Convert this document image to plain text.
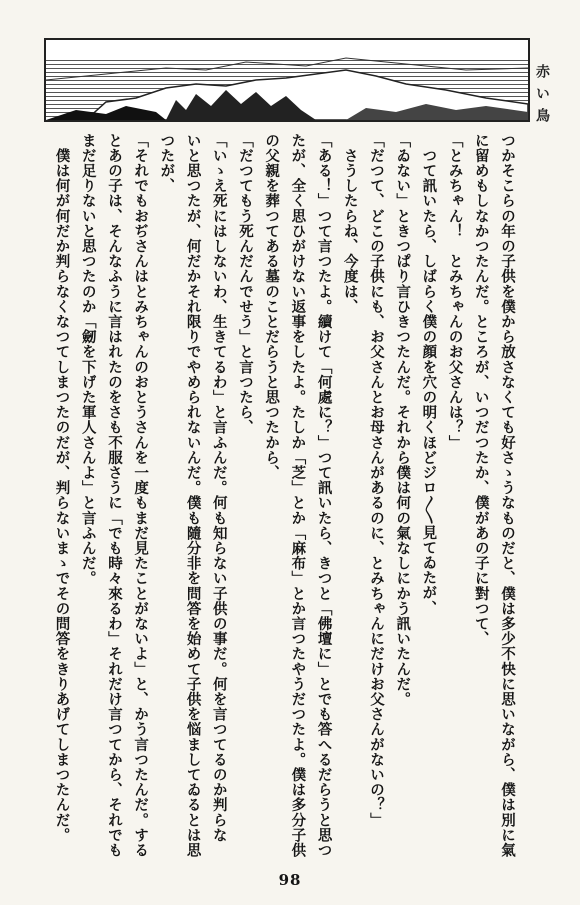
赤い鳥
つかそこらの年の子供を僕から放さなくても好さゝうなものだと、僕は多少不快に思いながら、僕は別に氣
に留めもしなかつたんだ。ところが、いつだつたか、僕があの子に對つて、
「とみちゃん！　とみちゃんのお父さんは？」
　つて訊いたら、しばらく僕の顔を穴の明くほどジロ〳〵見てゐたが、
「ゐない」ときつぱり言ひきつたんだ。それから僕は何の氣なしにかう訊いたんだ。
「だつて、どこの子供にも、お父さんとお母さんがあるのに、とみちゃんにだけお父さんがないの？」
　さうしたらね、今度は、
「ある！」つて言つたよ。續けて「何處に？」つて訊いたら、きつと「佛壇に」とでも答へるだらうと思つ
たが、全く思ひがけない返事をしたよ。たしか「芝」とか「麻布」とか言つたやうだつたよ。僕は多分子供
の父親を葬つてある墓のことだらうと思つたから、
「だつてもう死んだんでせう」と言つたら、
「いゝえ死にはしないわ、生きてるわ」と言ふんだ。何も知らない子供の事だ。何を言つてるのか判らな
いと思つたが、何だかそれ限りでやめられないんだ。僕も隨分非を問答を始めて子供を悩ましてゐるとは思
つたが、
「それでもおぢさんはとみちゃんのおとうさんを一度もまだ見たことがないよ」と、かう言つたんだ。する
とあの子は、そんなふうに言はれたのをさも不服さうに「でも時々來るわ」それだけ言つてから、それでも
まだ足りないと思つたのか「劒を下げた軍人さんよ」と言ふんだ。
　僕は何が何だか判らなくなつてしまつたのだが、判らないまゝでその問答をきりあげてしまつたんだ。
98
